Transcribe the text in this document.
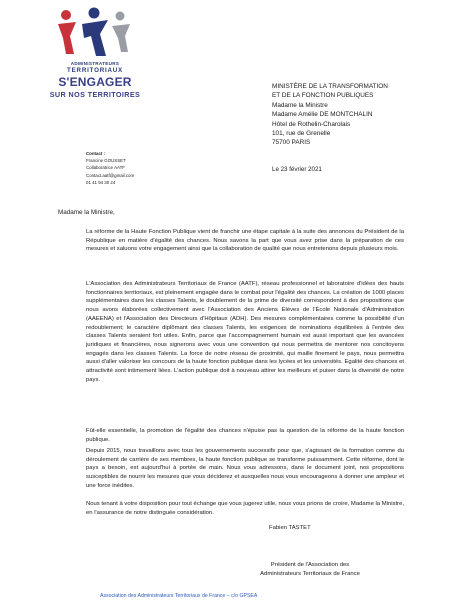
ADMINISTRATEURS
TERRITORIAUX
S'ENGAGER
SUR NOS TERRITOIRES
MINISTÈRE DE LA TRANSFORMATION
ET DE LA FONCTION PUBLIQUES
Madame la Ministre
Madame Amélie DE MONTCHALIN
Hôtel de Rothelin-Charolais
101, rue de Grenelle
75700 PARIS
Contact :
Francine GOUSSET
Collaboratrice AATF
Contact.aatf@gmail.com
01 41 94 30 24
Le 23 février 2021
Madame la Ministre,
La réforme de la Haute Fonction Publique vient de franchir une étape capitale à la suite des annonces du Président de la République en matière d'égalité des chances. Nous savons la part que vous avez prise dans la préparation de ces mesures et saluons votre engagement ainsi que la collaboration de qualité que nous entretenons depuis plusieurs mois.
L'Association des Administrateurs Territoriaux de France (AATF), réseau professionnel et laboratoire d'idées des hauts fonctionnaires territoriaux, est pleinement engagée dans le combat pour l'égalité des chances. La création de 1000 places supplémentaires dans les classes Talents, le doublement de la prime de diversité correspondent à des propositions que nous avons élaborées collectivement avec l'Association des Anciens Elèves de l'École Nationale d'Administration (AAEENA) et l'Association des Directeurs d'Hôpitaux (ADH). Des mesures complémentaires comme la possibilité d'un redoublement; le caractère diplômant des classes Talents, les exigences de nominations équilibrées à l'entrée des classes Talents seraient fort utiles. Enfin, parce que l'accompagnement humain est aussi important que les avancées juridiques et financières, nous signerons avec vous une convention qui nous permettra de mentorer nos concitoyens engagés dans les classes Talents. La force de notre réseau de proximité, qui maille finement le pays, nous permettra aussi d'aller valoriser les concours de la haute fonction publique dans les lycées et les universités. Egalité des chances et attractivité sont intimement liées. L'action publique doit à nouveau attirer les meilleurs et puiser dans la diversité de notre pays.
Fût-elle essentielle, la promotion de l'égalité des chances n'épuise pas la question de la réforme de la haute fonction publique.
Depuis 2015, nous travaillons avec tous les gouvernements successifs pour que, s'agissant de la formation comme du déroulement de carrière de ses membres, la haute fonction publique se transforme puissamment. Cette réforme, dont le pays a besoin, est aujourd'hui à portée de main. Nous vous adressons, dans le document joint, nos propositions susceptibles de nourrir les mesures que vous déciderez et auxquelles nous vous encourageons à donner une ampleur et une force inédites.
Nous tenant à votre disposition pour tout échange que vous jugerez utile, nous vous prions de croire, Madame la Ministre, en l'assurance de notre distinguée considération.
Fabien TASTET
Président de l'Association des
Administrateurs Territoriaux de France
Association des Administrateurs Territoriaux de France – c/o GPSEA
